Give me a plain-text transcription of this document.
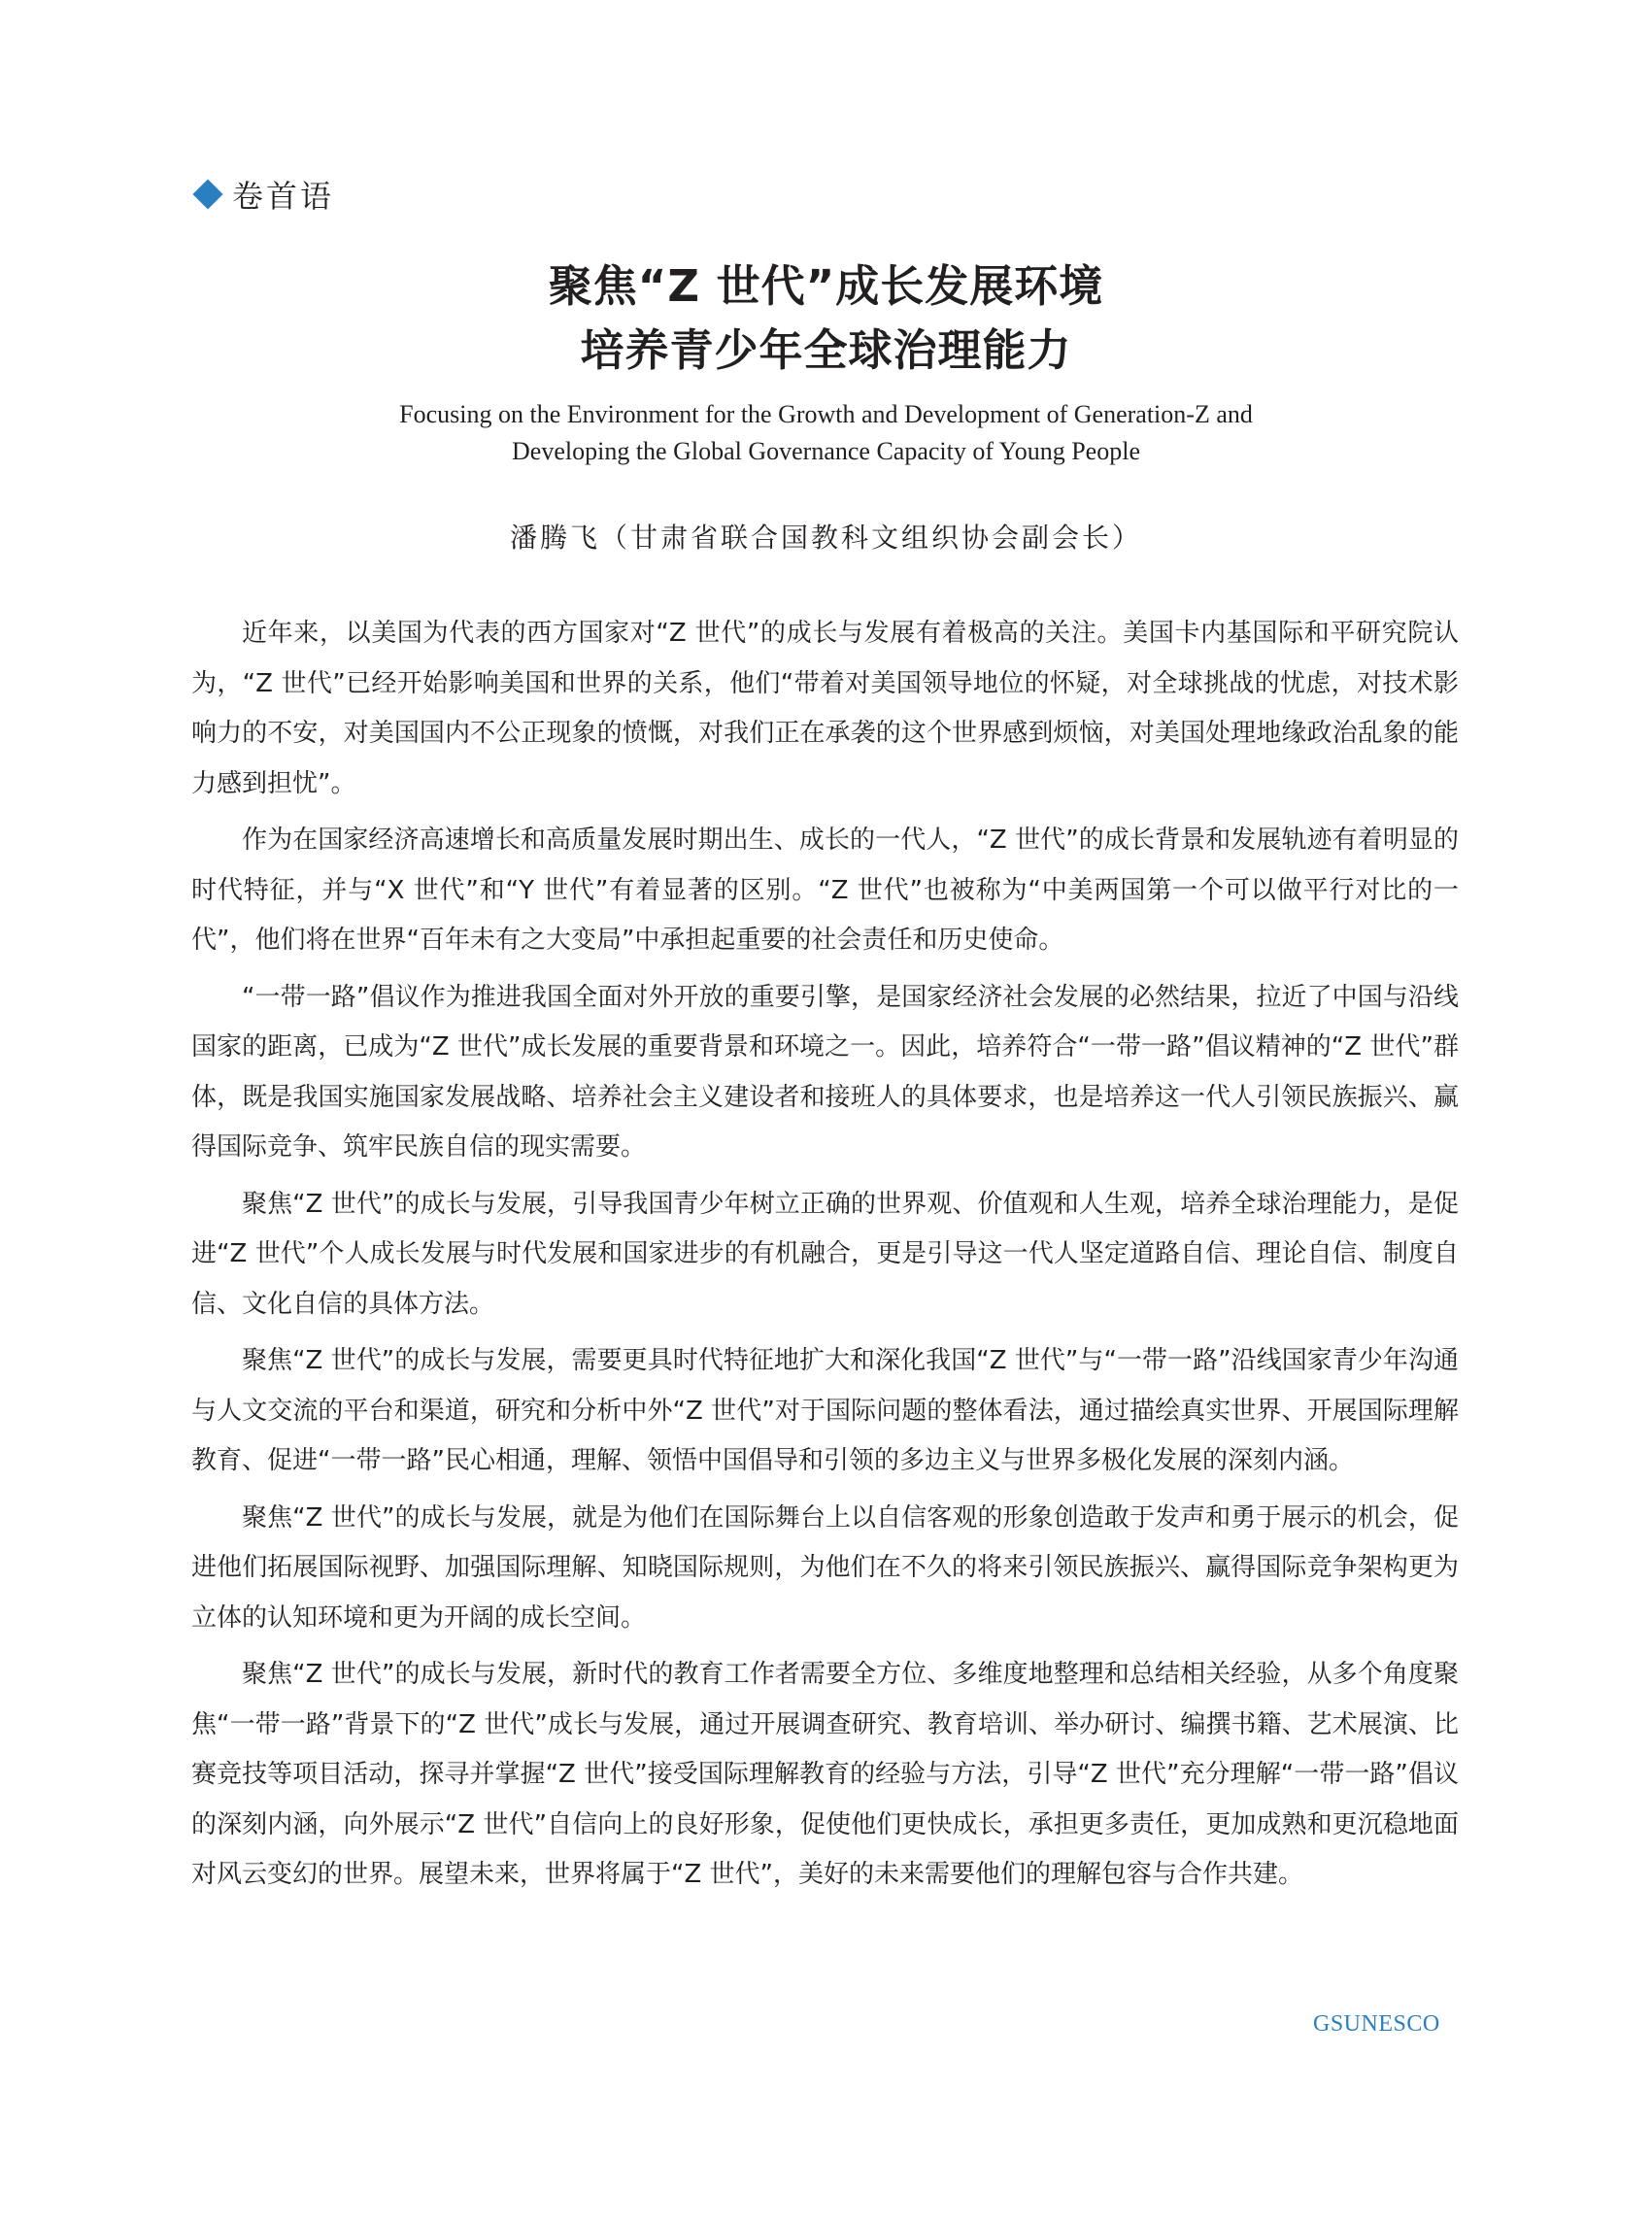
卷首语
聚焦“Z 世代”成长发展环境
培养青少年全球治理能力
Focusing on the Environment for the Growth and Development of Generation-Z and
Developing the Global Governance Capacity of Young People
潘腾飞（甘肃省联合国教科文组织协会副会长）

近年来，以美国为代表的西方国家对“Z 世代”的成长与发展有着极高的关注。美国卡内基国际和平研究院认为，“Z 世代”已经开始影响美国和世界的关系，他们“带着对美国领导地位的怀疑，对全球挑战的忧虑，对技术影响力的不安，对美国国内不公正现象的愤慨，对我们正在承袭的这个世界感到烦恼，对美国处理地缘政治乱象的能力感到担忧”。

作为在国家经济高速增长和高质量发展时期出生、成长的一代人，“Z 世代”的成长背景和发展轨迹有着明显的时代特征，并与“X 世代”和“Y 世代”有着显著的区别。“Z 世代”也被称为“中美两国第一个可以做平行对比的一代”，他们将在世界“百年未有之大变局”中承担起重要的社会责任和历史使命。

“一带一路”倡议作为推进我国全面对外开放的重要引擎，是国家经济社会发展的必然结果，拉近了中国与沿线国家的距离，已成为“Z 世代”成长发展的重要背景和环境之一。因此，培养符合“一带一路”倡议精神的“Z 世代”群体，既是我国实施国家发展战略、培养社会主义建设者和接班人的具体要求，也是培养这一代人引领民族振兴、赢得国际竞争、筑牢民族自信的现实需要。

聚焦“Z 世代”的成长与发展，引导我国青少年树立正确的世界观、价值观和人生观，培养全球治理能力，是促进“Z 世代”个人成长发展与时代发展和国家进步的有机融合，更是引导这一代人坚定道路自信、理论自信、制度自信、文化自信的具体方法。

聚焦“Z 世代”的成长与发展，需要更具时代特征地扩大和深化我国“Z 世代”与“一带一路”沿线国家青少年沟通与人文交流的平台和渠道，研究和分析中外“Z 世代”对于国际问题的整体看法，通过描绘真实世界、开展国际理解教育、促进“一带一路”民心相通，理解、领悟中国倡导和引领的多边主义与世界多极化发展的深刻内涵。

聚焦“Z 世代”的成长与发展，就是为他们在国际舞台上以自信客观的形象创造敢于发声和勇于展示的机会，促进他们拓展国际视野、加强国际理解、知晓国际规则，为他们在不久的将来引领民族振兴、赢得国际竞争架构更为立体的认知环境和更为开阔的成长空间。

聚焦“Z 世代”的成长与发展，新时代的教育工作者需要全方位、多维度地整理和总结相关经验，从多个角度聚焦“一带一路”背景下的“Z 世代”成长与发展，通过开展调查研究、教育培训、举办研讨、编撰书籍、艺术展演、比赛竞技等项目活动，探寻并掌握“Z 世代”接受国际理解教育的经验与方法，引导“Z 世代”充分理解“一带一路”倡议的深刻内涵，向外展示“Z 世代”自信向上的良好形象，促使他们更快成长，承担更多责任，更加成熟和更沉稳地面对风云变幻的世界。展望未来，世界将属于“Z 世代”，美好的未来需要他们的理解包容与合作共建。

GSUNESCO
